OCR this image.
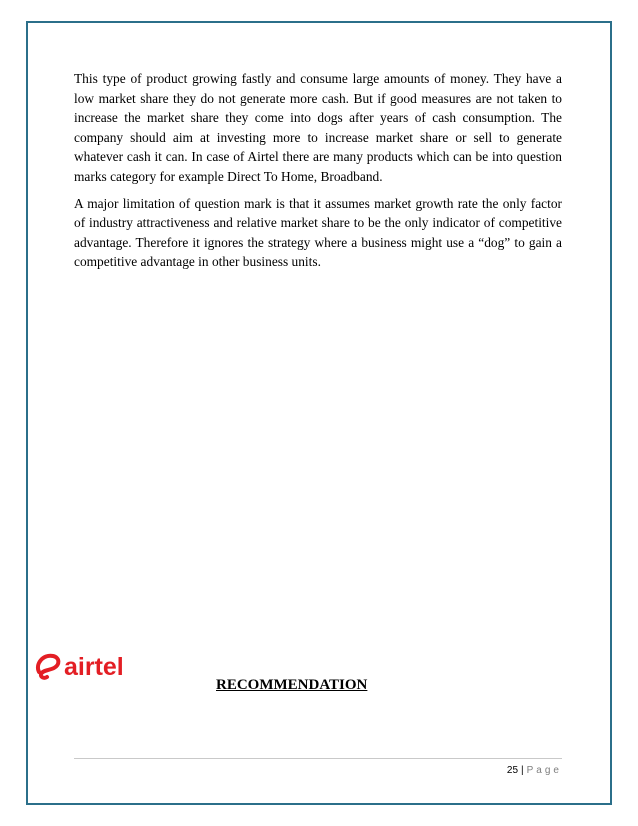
This type of product growing fastly and consume large amounts of money. They have a low market share they do not generate more cash. But if good measures are not taken to increase the market share they come into dogs after years of cash consumption. The company should aim at investing more to increase market share or sell to generate whatever cash it can. In case of Airtel there are many products which can be into question marks category for example Direct To Home, Broadband.

A major limitation of question mark is that it assumes market growth rate the only factor of industry attractiveness and relative market share to be the only indicator of competitive advantage. Therefore it ignores the strategy where a business might use a “dog” to gain a competitive advantage in other business units.

airtel
RECOMMENDATION
25 | Page
